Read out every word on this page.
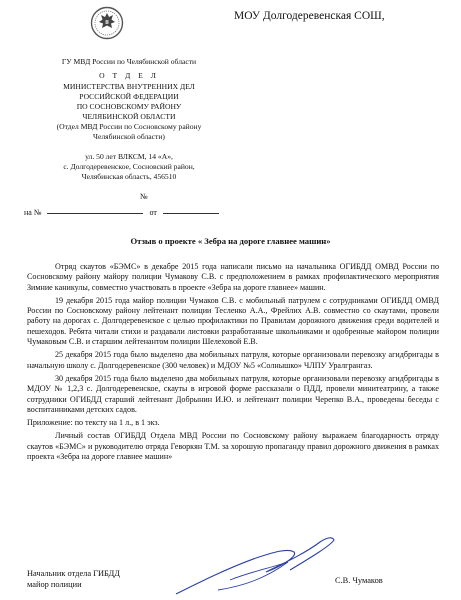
ГУ МВД России по Челябинской области
О Т Д Е Л
МИНИСТЕРСТВА ВНУТРЕННИХ ДЕЛ
РОССИЙСКОЙ ФЕДЕРАЦИИ
ПО СОСНОВСКОМУ РАЙОНУ
ЧЕЛЯБИНСКОЙ ОБЛАСТИ
(Отдел МВД России по Сосновскому району
Челябинской области)
ул. 50 лет ВЛКСМ, 14 «А»,
с. Долгодеревенское, Сосновский район,
Челябинская область, 456510
№
на №	от
МОУ Долгодеревенская СОШ,
Отзыв о проекте « Зебра на дороге главнее машин»

Отряд скаутов «БЭМС» в декабре 2015 года написали письмо на начальника ОГИБДД ОМВД России по Сосновскому району майору полиции Чумакову С.В. с предположением в рамках профилактического мероприятия Зимние каникулы, совместно участвовать в проекте «Зебра на дороге главнее» машин.

19 декабря 2015 года майор полиции Чумаков С.В. с мобильный патрулем с сотрудниками ОГИБДД ОМВД России по Сосновскому району лейтенант полиции Тесленко А.А., Фрейлих А.В. совместно со скаутами, провели работу на дорогах с. Долгодеревенское с целью профилактики по Правилам дорожного движения среди водителей и пешеходов. Ребята читали стихи и раздавали листовки разработанные школьниками и одобренные майором полиции Чумаковым С.В. и старшим лейтенантом полиции Шелеховой Е.В.

25 декабря 2015 года было выделено два мобильных патруля, которые организовали перевозку агидбригады в начальную школу с. Долгодеревенское (300 человек) и МДОУ №5 «Солнышко» ЧЛПУ Уралгрангаз.

30 декабря 2015 года было выделено два мобильных патруля, которые организовали перевозку агидбригады в МДОУ № 1,2,3 с. Долгодеревенское, скауты в игровой форме рассказали о ПДД, провели минитеатрину, а также сотрудники ОГИБДД старший лейтенант Добрынин И.Ю. и лейтенант полиции Черепко В.А., проведены беседы с воспитанниками детских садов.

Приложение: по тексту на 1 л., в 1 экз.

Личный состав ОГИБДД Отдела МВД России по Сосновскому району выражаем благодарность отряду скаутов «БЭМС» и руководителю отряда Геворкян Т.М. за хорошую пропаганду правил дорожного движения в рамках проекта «Зебра на дороге главнее машин»

Начальник отдела ГИБДД
майор полиции	С.В. Чумаков
